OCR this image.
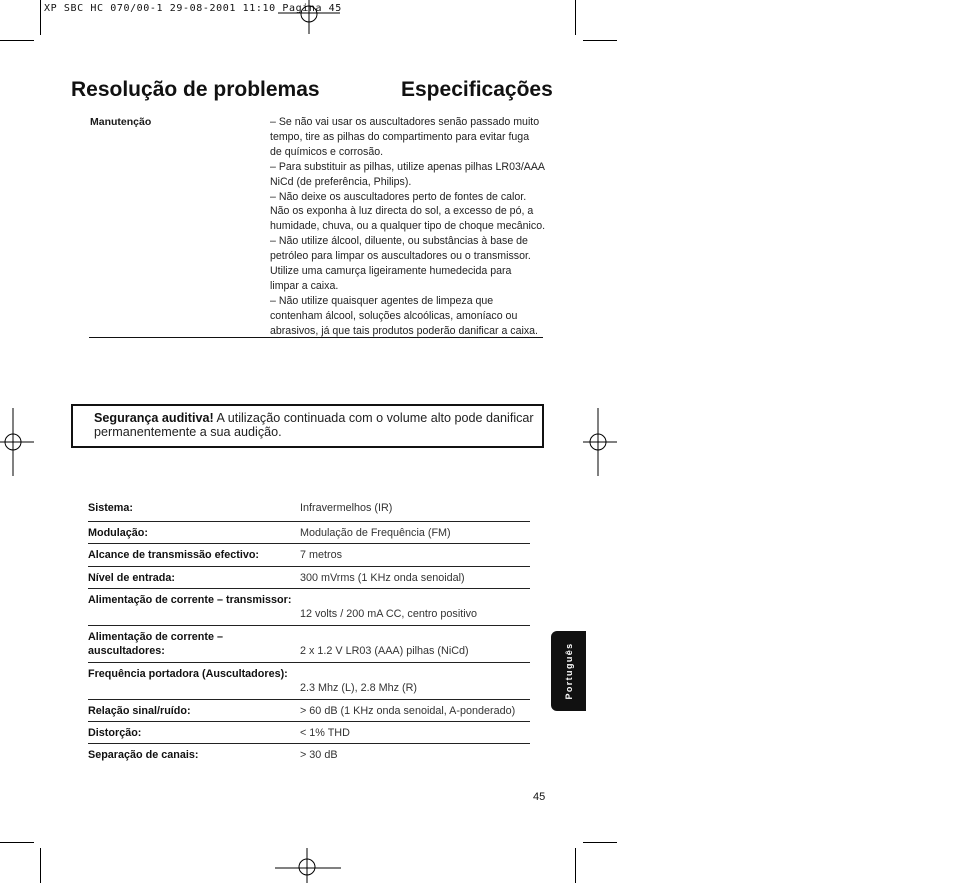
XP SBC HC 070/00-1 29-08-2001 11:10 Pagina 45
Resolução de problemas	Especificações
Manutenção	– Se não vai usar os auscultadores senão passado muito
tempo, tire as pilhas do compartimento para evitar fuga
de químicos e corrosão.
– Para substituir as pilhas, utilize apenas pilhas LR03/AAA
NiCd (de preferência, Philips).
– Não deixe os auscultadores perto de fontes de calor.
Não os exponha à luz directa do sol, a excesso de pó, a
humidade, chuva, ou a qualquer tipo de choque mecânico.
– Não utilize álcool, diluente, ou substâncias à base de
petróleo para limpar os auscultadores ou o transmissor.
Utilize uma camurça ligeiramente humedecida para
limpar a caixa.
– Não utilize quaisquer agentes de limpeza que
contenham álcool, soluções alcoólicas, amoníaco ou
abrasivos, já que tais produtos poderão danificar a caixa.
Segurança auditiva! A utilização continuada com o volume alto pode danificar permanentemente a sua audição.
Sistema:	Infravermelhos (IR)
Modulação:	Modulação de Frequência (FM)
Alcance de transmissão efectivo:	7 metros
Nível de entrada:	300 mVrms (1 KHz onda senoidal)
Alimentação de corrente – transmissor:
12 volts / 200 mA CC, centro positivo
Alimentação de corrente – auscultadores:	2 x 1.2 V LR03 (AAA) pilhas (NiCd)
Frequência portadora (Auscultadores):
2.3 Mhz (L), 2.8 Mhz (R)
Relação sinal/ruído:	> 60 dB (1 KHz onda senoidal, A-ponderado)
Distorção:	< 1% THD
Separação de canais:	> 30 dB
Português
45
